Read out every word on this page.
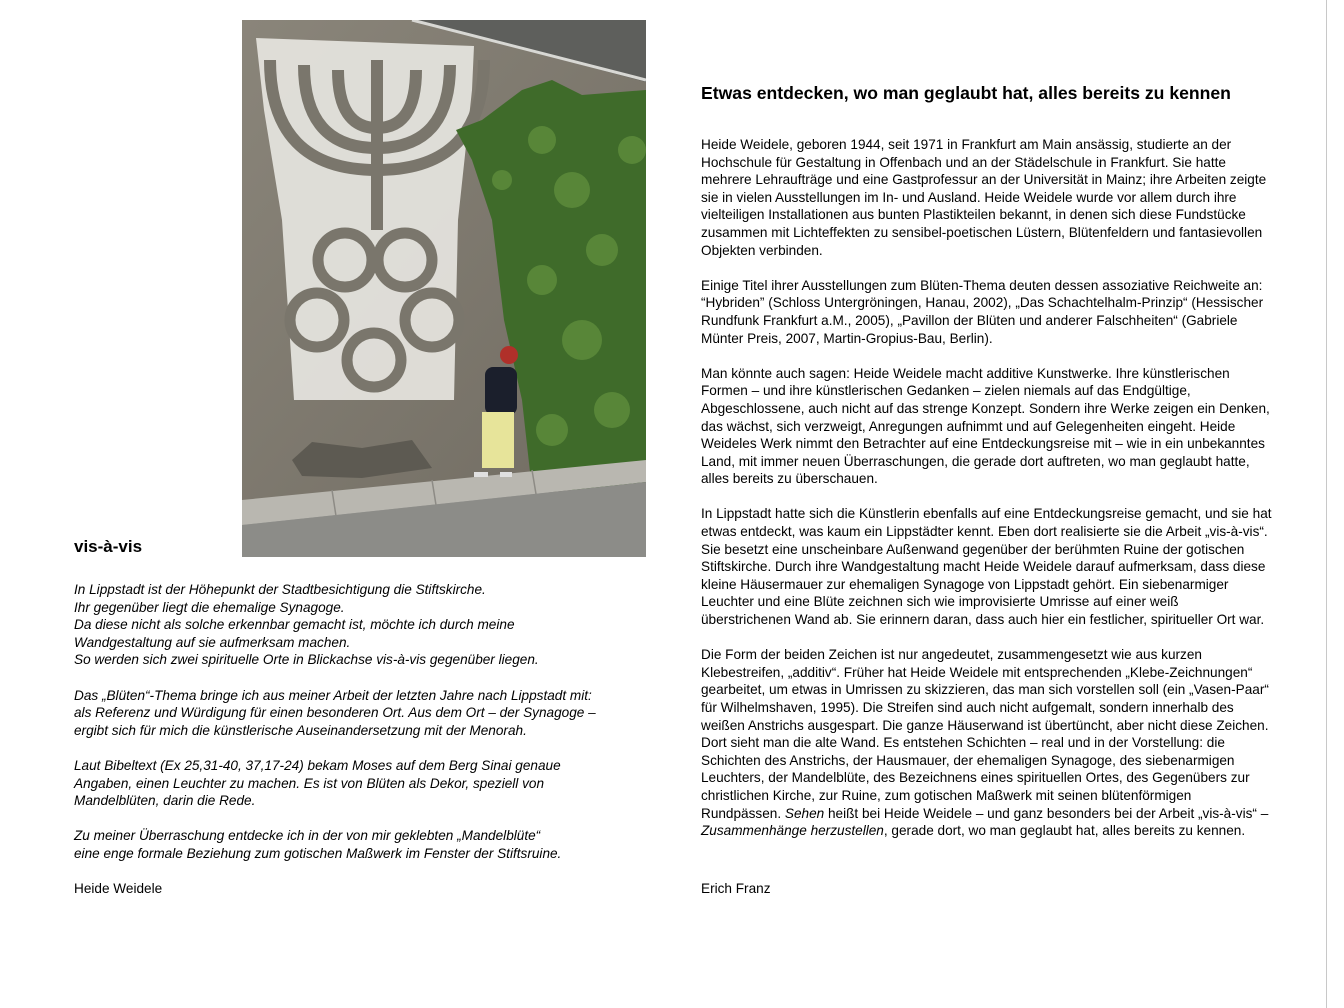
vis-à-vis

In Lippstadt ist der Höhepunkt der Stadtbesichtigung die Stiftskirche.
Ihr gegenüber liegt die ehemalige Synagoge.
Da diese nicht als solche erkennbar gemacht ist, möchte ich durch meine
Wandgestaltung auf sie aufmerksam machen.
So werden sich zwei spirituelle Orte in Blickachse vis-à-vis gegenüber liegen.

Das „Blüten“-Thema bringe ich aus meiner Arbeit der letzten Jahre nach Lippstadt mit:
als Referenz und Würdigung für einen besonderen Ort. Aus dem Ort – der Synagoge –
ergibt sich für mich die künstlerische Auseinandersetzung mit der Menorah.

Laut Bibeltext (Ex 25,31-40, 37,17-24) bekam Moses auf dem Berg Sinai genaue
Angaben, einen Leuchter zu machen. Es ist von Blüten als Dekor, speziell von
Mandelblüten, darin die Rede.

Zu meiner Überraschung entdecke ich in der von mir geklebten „Mandelblüte“
eine enge formale Beziehung zum gotischen Maßwerk im Fenster der Stiftsruine.

Heide Weidele

Etwas entdecken, wo man geglaubt hat, alles bereits zu kennen

Heide Weidele, geboren 1944, seit 1971 in Frankfurt am Main ansässig, studierte an der
Hochschule für Gestaltung in Offenbach und an der Städelschule in Frankfurt. Sie hatte
mehrere Lehraufträge und eine Gastprofessur an der Universität in Mainz; ihre Arbeiten zeigte
sie in vielen Ausstellungen im In- und Ausland. Heide Weidele wurde vor allem durch ihre
vielteiligen Installationen aus bunten Plastikteilen bekannt, in denen sich diese Fundstücke
zusammen mit Lichteffekten zu sensibel-poetischen Lüstern, Blütenfeldern und fantasievollen
Objekten verbinden.

Einige Titel ihrer Ausstellungen zum Blüten-Thema deuten dessen assoziative Reichweite an:
“Hybriden” (Schloss Untergröningen, Hanau, 2002), „Das Schachtelhalm-Prinzip“ (Hessischer
Rundfunk Frankfurt a.M., 2005), „Pavillon der Blüten und anderer Falschheiten“ (Gabriele
Münter Preis, 2007, Martin-Gropius-Bau, Berlin).

Man könnte auch sagen: Heide Weidele macht additive Kunstwerke. Ihre künstlerischen
Formen – und ihre künstlerischen Gedanken – zielen niemals auf das Endgültige,
Abgeschlossene, auch nicht auf das strenge Konzept. Sondern ihre Werke zeigen ein Denken,
das wächst, sich verzweigt, Anregungen aufnimmt und auf Gelegenheiten eingeht. Heide
Weideles Werk nimmt den Betrachter auf eine Entdeckungsreise mit – wie in ein unbekanntes
Land, mit immer neuen Überraschungen, die gerade dort auftreten, wo man geglaubt hatte,
alles bereits zu überschauen.

In Lippstadt hatte sich die Künstlerin ebenfalls auf eine Entdeckungsreise gemacht, und sie hat
etwas entdeckt, was kaum ein Lippstädter kennt. Eben dort realisierte sie die Arbeit „vis-à-vis“.
Sie besetzt eine unscheinbare Außenwand gegenüber der berühmten Ruine der gotischen
Stiftskirche. Durch ihre Wandgestaltung macht Heide Weidele darauf aufmerksam, dass diese
kleine Häusermauer zur ehemaligen Synagoge von Lippstadt gehört. Ein siebenarmiger
Leuchter und eine Blüte zeichnen sich wie improvisierte Umrisse auf einer weiß
überstrichenen Wand ab. Sie erinnern daran, dass auch hier ein festlicher, spiritueller Ort war.

Die Form der beiden Zeichen ist nur angedeutet, zusammengesetzt wie aus kurzen
Klebestreifen, „additiv“. Früher hat Heide Weidele mit entsprechenden „Klebe-Zeichnungen“
gearbeitet, um etwas in Umrissen zu skizzieren, das man sich vorstellen soll (ein „Vasen-Paar“
für Wilhelmshaven, 1995). Die Streifen sind auch nicht aufgemalt, sondern innerhalb des
weißen Anstrichs ausgespart. Die ganze Häuserwand ist übertüncht, aber nicht diese Zeichen.
Dort sieht man die alte Wand. Es entstehen Schichten – real und in der Vorstellung: die
Schichten des Anstrichs, der Hausmauer, der ehemaligen Synagoge, des siebenarmigen
Leuchters, der Mandelblüte, des Bezeichnens eines spirituellen Ortes, des Gegenübers zur
christlichen Kirche, zur Ruine, zum gotischen Maßwerk mit seinen blütenförmigen
Rundpässen. Sehen heißt bei Heide Weidele – und ganz besonders bei der Arbeit „vis-à-vis“ –
Zusammenhänge herzustellen, gerade dort, wo man geglaubt hat, alles bereits zu kennen.

Erich Franz
